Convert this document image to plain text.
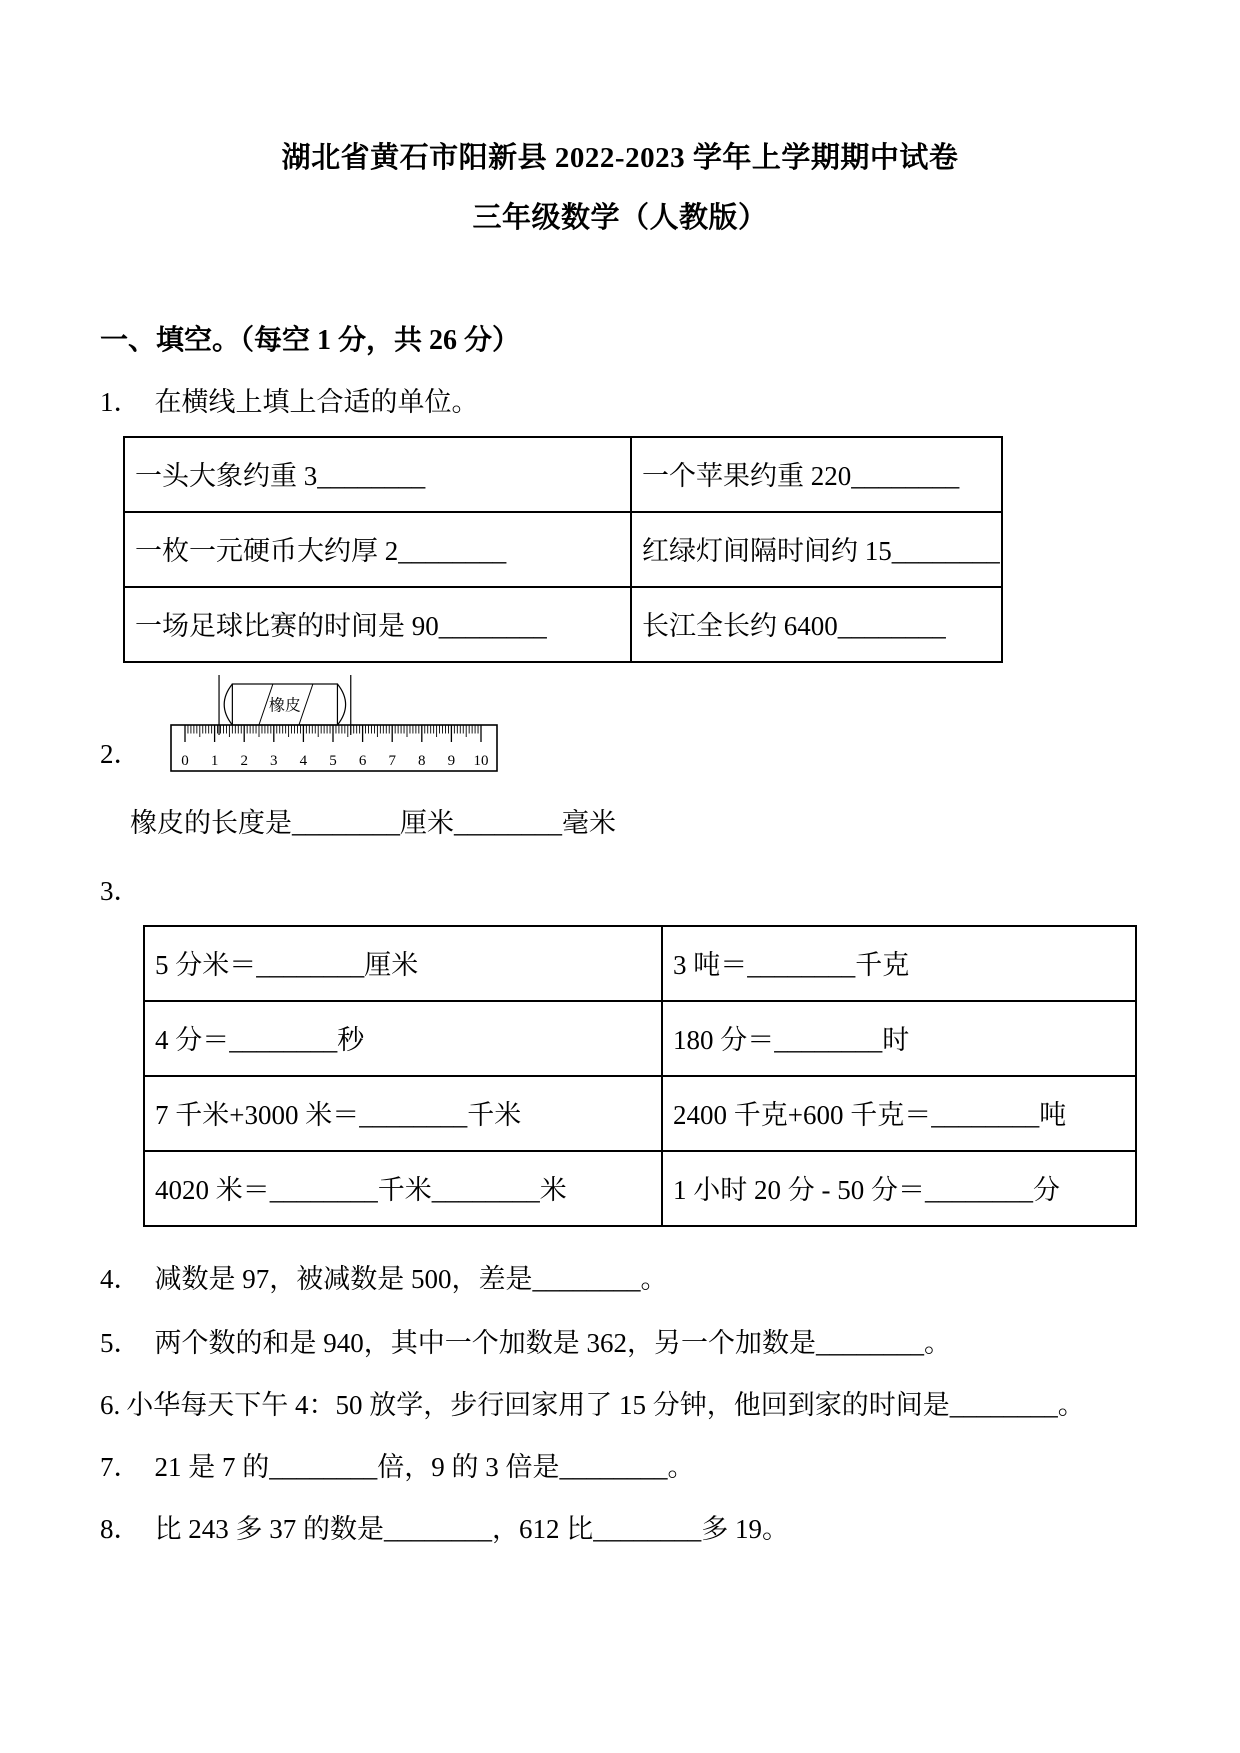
湖北省黄石市阳新县 2022-2023 学年上学期期中试卷
三年级数学（人教版）
一、填空。（每空 1 分，共 26 分）
1． 在横线上填上合适的单位。
一头大象约重 3________	一个苹果约重 220________
一枚一元硬币大约厚 2________	红绿灯间隔时间约 15________
一场足球比赛的时间是 90________	长江全长约 6400________
2．	0 1 2 3 4 5 6 7 8 9 10
橡皮
橡皮的长度是________厘米________毫米
3．
5 分米＝________厘米	3 吨＝________千克
4 分＝________秒	180 分＝________时
7 千米+3000 米＝________千米	2400 千克+600 千克＝________吨
4020 米＝________千米________米	1 小时 20 分 - 50 分＝________分
4． 减数是 97，被减数是 500，差是________。
5． 两个数的和是 940，其中一个加数是 362，另一个加数是________。
6. 小华每天下午 4：50 放学，步行回家用了 15 分钟，他回到家的时间是________。
7． 21 是 7 的________倍，9 的 3 倍是________。
8． 比 243 多 37 的数是________，612 比________多 19。
